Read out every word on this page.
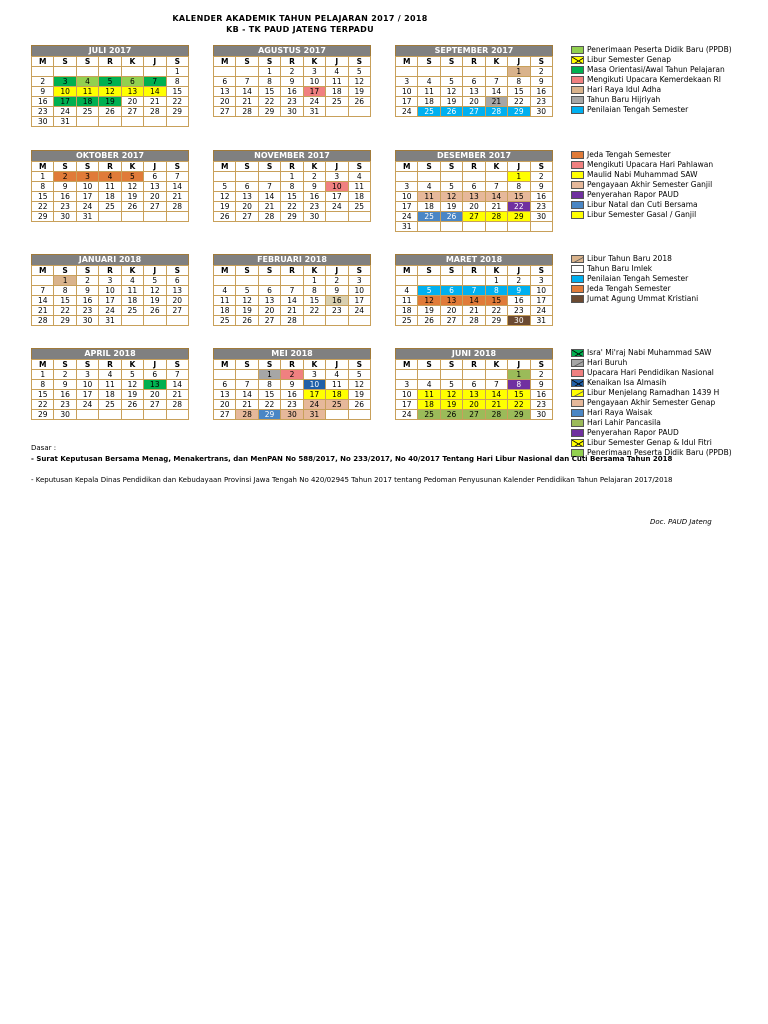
KALENDER AKADEMIK TAHUN PELAJARAN 2017 / 2018
KB - TK PAUD JATENG TERPADU
JULI 2017
M	S	S	R	K	J	S
						1
2	3	4	5	6	7	8
9	10	11	12	13	14	15
16	17	18	19	20	21	22
23	24	25	26	27	28	29
30	31					
AGUSTUS 2017
M	S	S	R	K	J	S
		1	2	3	4	5
6	7	8	9	10	11	12
13	14	15	16	17	18	19
20	21	22	23	24	25	26
27	28	29	30	31		
SEPTEMBER 2017
M	S	S	R	K	J	S
					1	2
3	4	5	6	7	8	9
10	11	12	13	14	15	16
17	18	19	20	21	22	23
24	25	26	27	28	29	30
OKTOBER 2017
M	S	S	R	K	J	S
1	2	3	4	5	6	7
8	9	10	11	12	13	14
15	16	17	18	19	20	21
22	23	24	25	26	27	28
29	30	31				
NOVEMBER 2017
M	S	S	R	K	J	S
			1	2	3	4
5	6	7	8	9	10	11
12	13	14	15	16	17	18
19	20	21	22	23	24	25
26	27	28	29	30		
DESEMBER 2017
M	S	S	R	K	J	S
					1	2
3	4	5	6	7	8	9
10	11	12	13	14	15	16
17	18	19	20	21	22	23
24	25	26	27	28	29	30
31						
JANUARI 2018
M	S	S	R	K	J	S
	1	2	3	4	5	6
7	8	9	10	11	12	13
14	15	16	17	18	19	20
21	22	23	24	25	26	27
28	29	30	31			
FEBRUARI 2018
M	S	S	R	K	J	S
				1	2	3
4	5	6	7	8	9	10
11	12	13	14	15	16	17
18	19	20	21	22	23	24
25	26	27	28			
MARET 2018
M	S	S	R	K	J	S
				1	2	3
4	5	6	7	8	9	10
11	12	13	14	15	16	17
18	19	20	21	22	23	24
25	26	27	28	29	30	31
APRIL 2018
M	S	S	R	K	J	S
1	2	3	4	5	6	7
8	9	10	11	12	13	14
15	16	17	18	19	20	21
22	23	24	25	26	27	28
29	30					
MEI 2018
M	S	S	R	K	J	S
		1	2	3	4	5
6	7	8	9	10	11	12
13	14	15	16	17	18	19
20	21	22	23	24	25	26
27	28	29	30	31		
JUNI 2018
M	S	S	R	K	J	S
					1	2
3	4	5	6	7	8	9
10	11	12	13	14	15	16
17	18	19	20	21	22	23
24	25	26	27	28	29	30
Penerimaan Peserta Didik Baru (PPDB)
Libur Semester Genap
Masa Orientasi/Awal Tahun Pelajaran
Mengikuti Upacara Kemerdekaan RI
Hari Raya Idul Adha
Tahun Baru Hijriyah
Penilaian Tengah Semester
Jeda Tengah Semester
Mengikuti Upacara Hari Pahlawan
Maulid Nabi Muhammad SAW
Pengayaan Akhir Semester Ganjil
Penyerahan Rapor PAUD
Libur Natal dan Cuti Bersama
Libur Semester Gasal / Ganjil
Libur Tahun Baru 2018
Tahun Baru Imlek
Penilaian Tengah Semester
Jeda Tengah Semester
Jumat Agung Ummat Kristiani
Isra' Mi'raj Nabi Muhammad SAW
Hari Buruh
Upacara Hari Pendidikan Nasional
Kenaikan Isa Almasih
Libur Menjelang Ramadhan 1439 H
Pengayaan Akhir Semester Genap
Hari Raya Waisak
Hari Lahir Pancasila
Penyerahan Rapor PAUD
Libur Semester Genap & Idul Fitri
Penerimaan Peserta Didik Baru (PPDB)
Dasar :
- Surat Keputusan Bersama Menag, Menakertrans, dan MenPAN No 588/2017, No 233/2017, No 40/2017 Tentang Hari Libur Nasional dan Cuti Bersama Tahun 2018
- Keputusan Kepala Dinas Pendidikan dan Kebudayaan Provinsi Jawa Tengah No 420/02945 Tahun 2017 tentang Pedoman Penyusunan Kalender Pendidikan Tahun Pelajaran 2017/2018
Doc. PAUD Jateng
